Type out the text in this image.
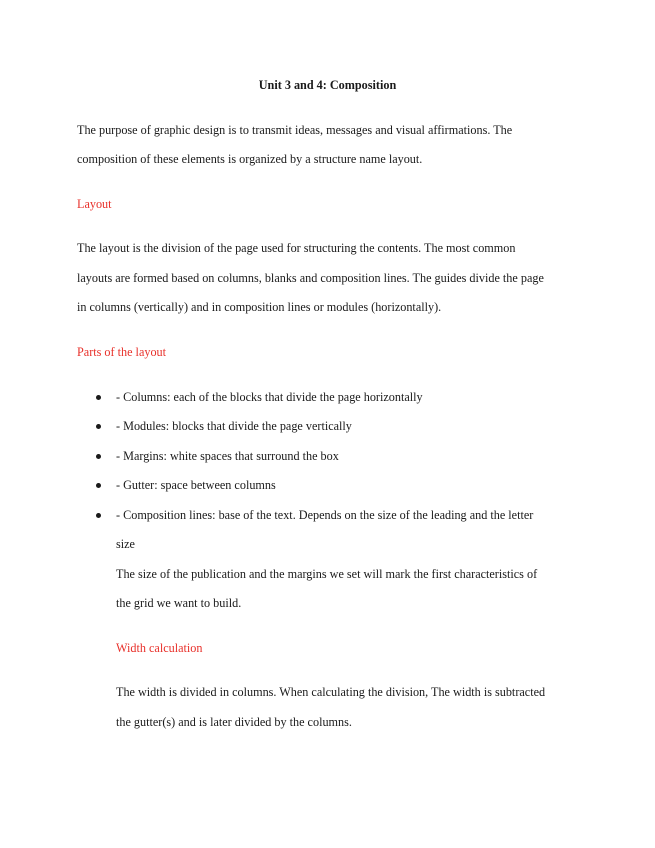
Unit 3 and 4: Composition
The purpose of graphic design is to transmit ideas, messages and visual affirmations. The
composition of these elements is organized by a structure name layout.
Layout
The layout is the division of the page used for structuring the contents. The most common
layouts are formed based on columns, blanks and composition lines. The guides divide the page
in columns (vertically) and in composition lines or modules (horizontally).
Parts of the layout
- Columns: each of the blocks that divide the page horizontally
- Modules: blocks that divide the page vertically
- Margins: white spaces that surround the box
- Gutter: space between columns
- Composition lines: base of the text. Depends on the size of the leading and the letter
size
The size of the publication and the margins we set will mark the first characteristics of
the grid we want to build.
Width calculation
The width is divided in columns. When calculating the division, The width is subtracted
the gutter(s) and is later divided by the columns.
